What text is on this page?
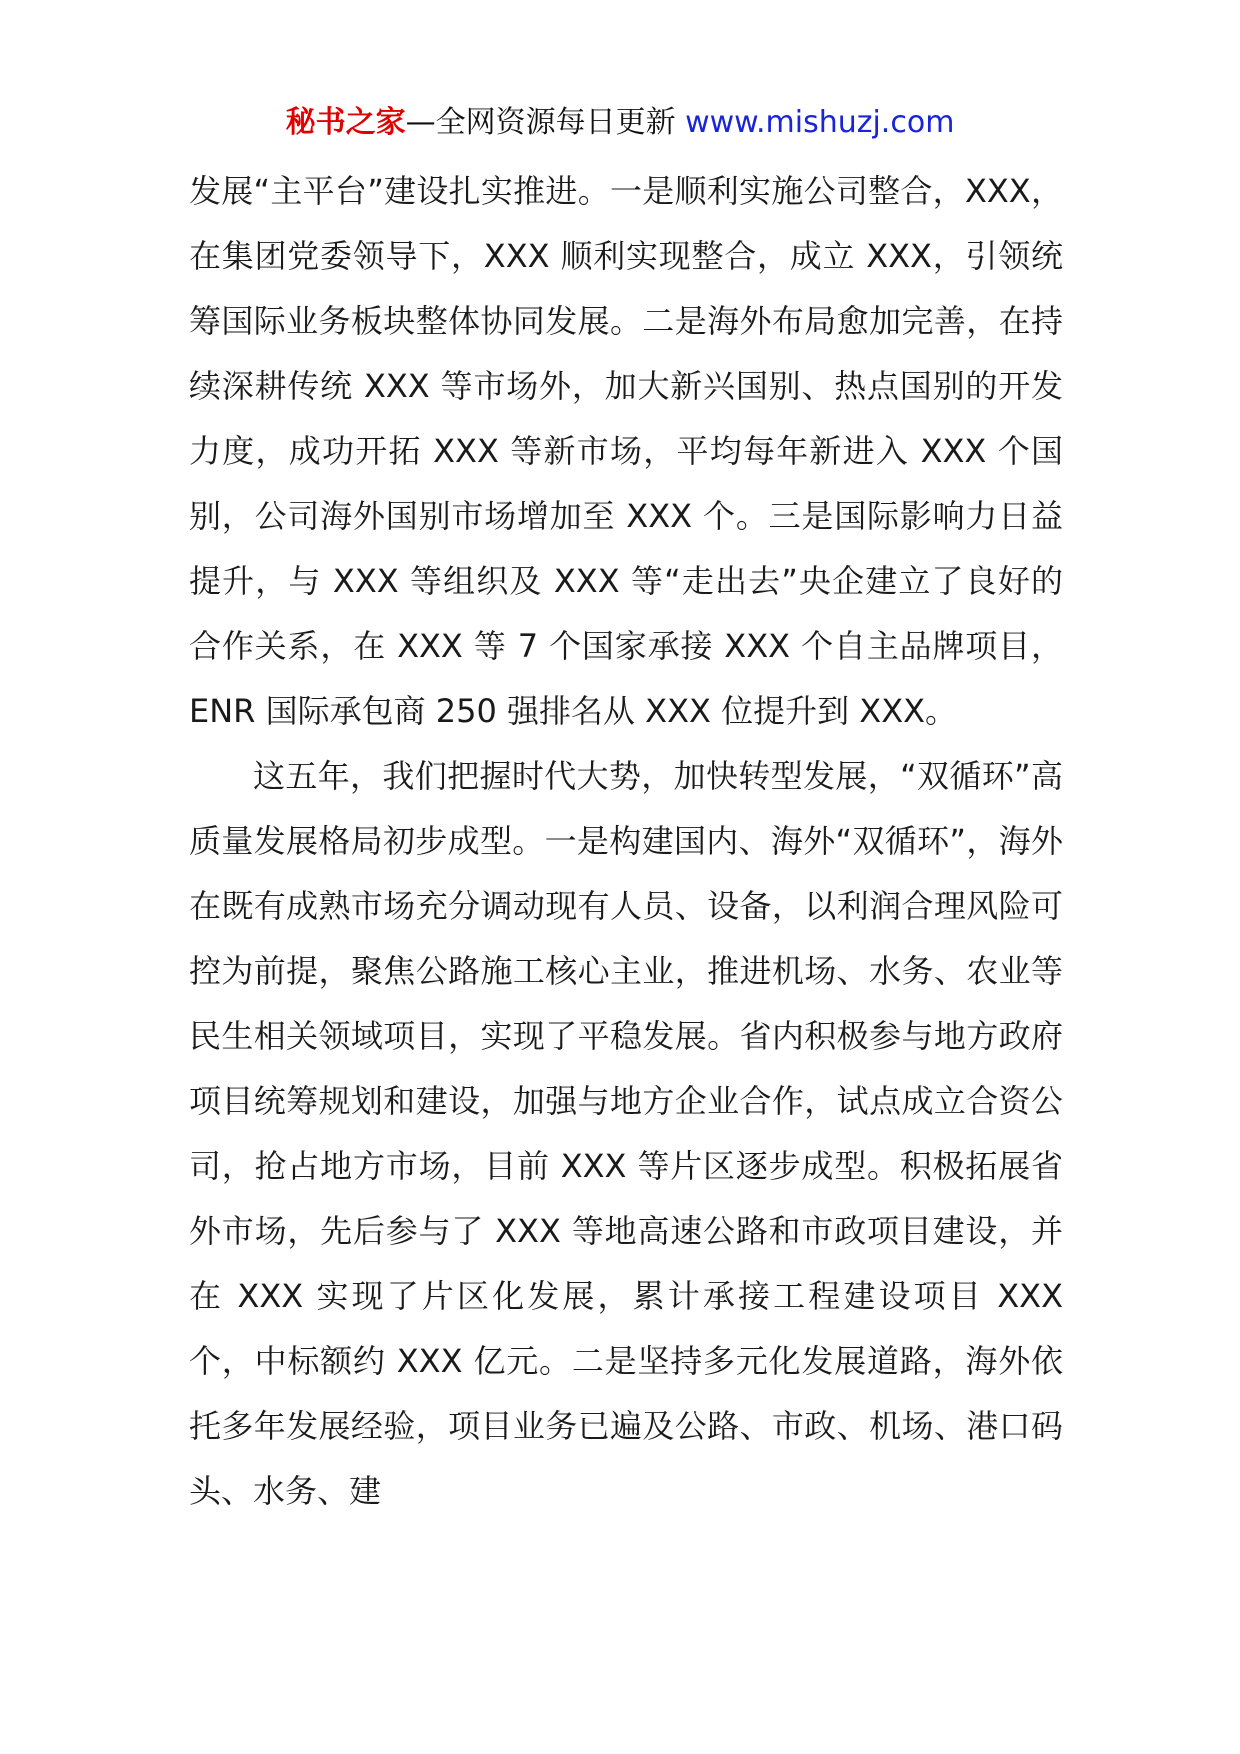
秘书之家—全网资源每日更新 www.mishuzj.com

发展“主平台”建设扎实推进。一是顺利实施公司整合，XXX，在集团党委领导下，XXX 顺利实现整合，成立 XXX，引领统筹国际业务板块整体协同发展。二是海外布局愈加完善，在持续深耕传统 XXX 等市场外，加大新兴国别、热点国别的开发力度，成功开拓 XXX 等新市场，平均每年新进入 XXX 个国别，公司海外国别市场增加至 XXX 个。三是国际影响力日益提升，与 XXX 等组织及 XXX 等“走出去”央企建立了良好的合作关系，在 XXX 等 7 个国家承接 XXX 个自主品牌项目，ENR 国际承包商 250 强排名从 XXX 位提升到 XXX。

这五年，我们把握时代大势，加快转型发展，“双循环”高质量发展格局初步成型。一是构建国内、海外“双循环”，海外在既有成熟市场充分调动现有人员、设备，以利润合理风险可控为前提，聚焦公路施工核心主业，推进机场、水务、农业等民生相关领域项目，实现了平稳发展。省内积极参与地方政府项目统筹规划和建设，加强与地方企业合作，试点成立合资公司，抢占地方市场，目前 XXX 等片区逐步成型。积极拓展省外市场，先后参与了 XXX 等地高速公路和市政项目建设，并在 XXX 实现了片区化发展，累计承接工程建设项目 XXX 个，中标额约 XXX 亿元。二是坚持多元化发展道路，海外依托多年发展经验，项目业务已遍及公路、市政、机场、港口码头、水务、建
